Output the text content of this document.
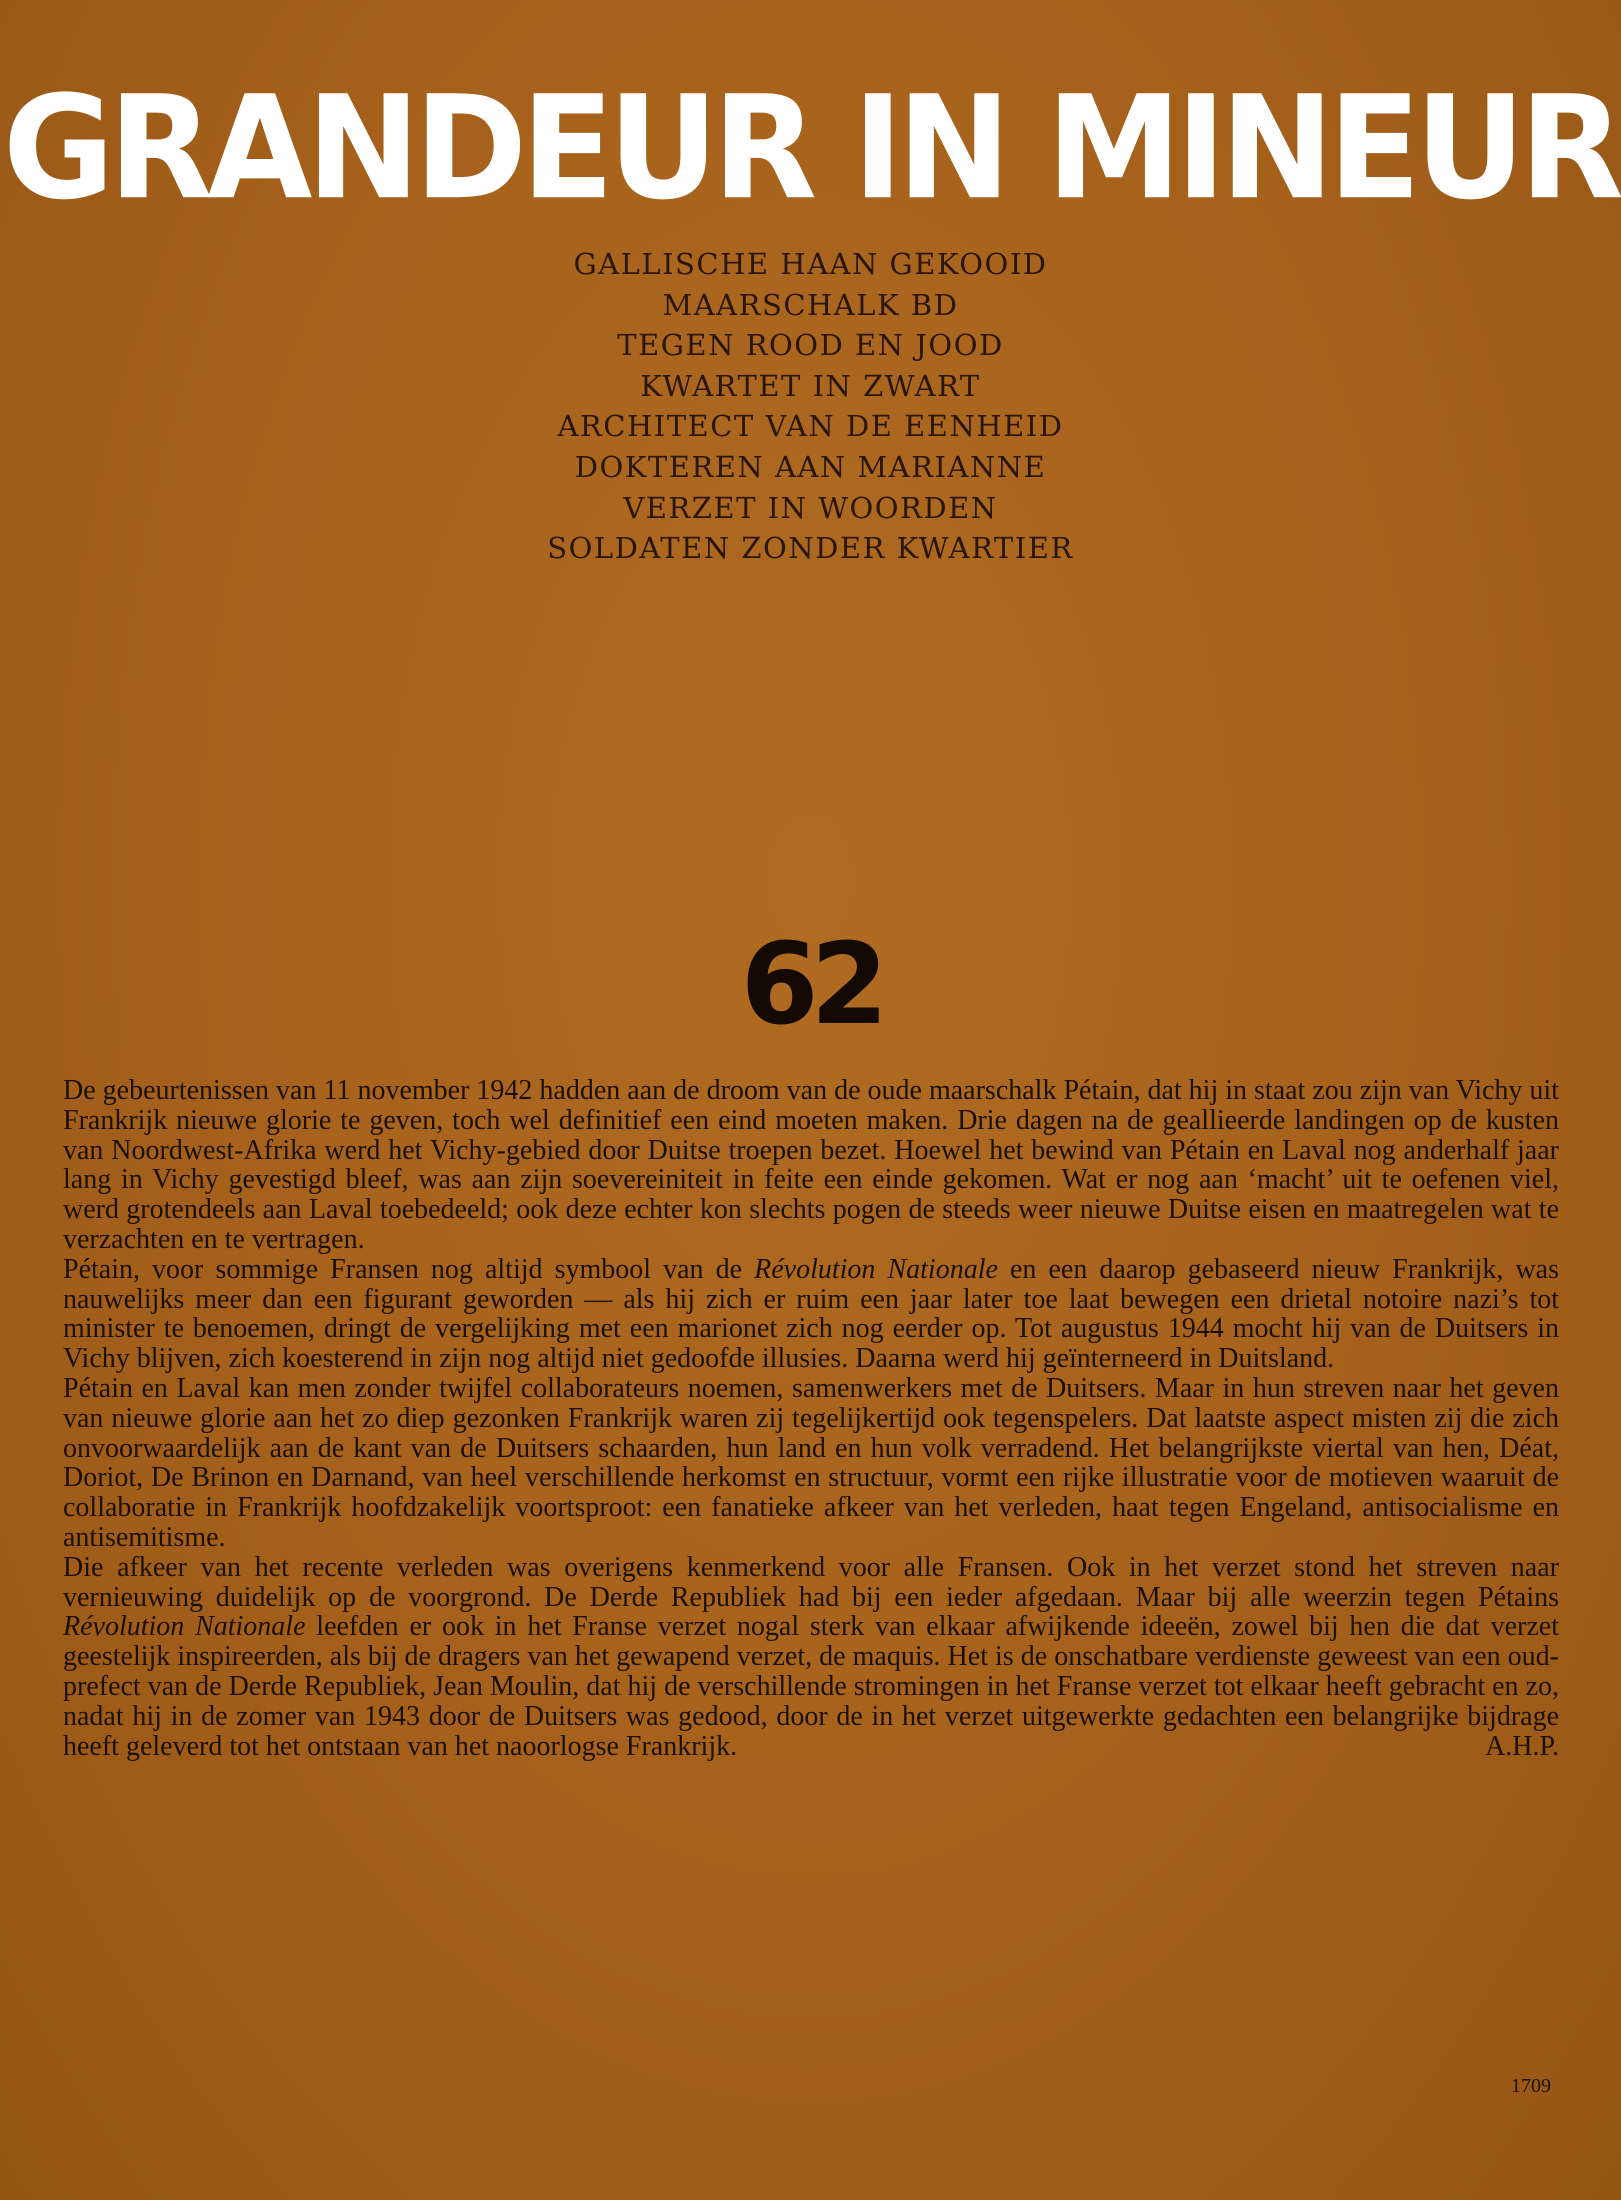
GRANDEUR IN MINEUR
GALLISCHE HAAN GEKOOID
MAARSCHALK BD
TEGEN ROOD EN JOOD
KWARTET IN ZWART
ARCHITECT VAN DE EENHEID
DOKTEREN AAN MARIANNE
VERZET IN WOORDEN
SOLDATEN ZONDER KWARTIER
62

De gebeurtenissen van 11 november 1942 hadden aan de droom van de oude maarschalk Pétain, dat hij in staat zou zijn van Vichy uit Frankrijk nieuwe glorie te geven, toch wel definitief een eind moeten maken. Drie dagen na de geallieerde landingen op de kusten van Noordwest-Afrika werd het Vichy-gebied door Duitse troepen bezet. Hoewel het bewind van Pétain en Laval nog anderhalf jaar lang in Vichy gevestigd bleef, was aan zijn soevereiniteit in feite een einde gekomen. Wat er nog aan ‘macht’ uit te oefenen viel, werd grotendeels aan Laval toebedeeld; ook deze echter kon slechts pogen de steeds weer nieuwe Duitse eisen en maatregelen wat te verzachten en te vertragen.

Pétain, voor sommige Fransen nog altijd symbool van de Révolution Nationale en een daarop gebaseerd nieuw Frankrijk, was nauwelijks meer dan een figurant geworden — als hij zich er ruim een jaar later toe laat bewegen een drietal notoire nazi’s tot minister te benoemen, dringt de vergelijking met een marionet zich nog eerder op. Tot augustus 1944 mocht hij van de Duitsers in Vichy blijven, zich koesterend in zijn nog altijd niet gedoofde illusies. Daarna werd hij geïnterneerd in Duitsland.

Pétain en Laval kan men zonder twijfel collaborateurs noemen, samenwerkers met de Duitsers. Maar in hun streven naar het geven van nieuwe glorie aan het zo diep gezonken Frankrijk waren zij tegelijkertijd ook tegenspelers. Dat laatste aspect misten zij die zich onvoorwaardelijk aan de kant van de Duitsers schaarden, hun land en hun volk verradend. Het belangrijkste viertal van hen, Déat, Doriot, De Brinon en Darnand, van heel verschillende herkomst en structuur, vormt een rijke illustratie voor de motieven waaruit de collaboratie in Frankrijk hoofdzakelijk voortsproot: een fanatieke afkeer van het verleden, haat tegen Engeland, antisocialisme en antisemitisme.

Die afkeer van het recente verleden was overigens kenmerkend voor alle Fransen. Ook in het verzet stond het streven naar vernieuwing duidelijk op de voorgrond. De Derde Republiek had bij een ieder afgedaan. Maar bij alle weerzin tegen Pétains Révolution Nationale leefden er ook in het Franse verzet nogal sterk van elkaar afwijkende ideeën, zowel bij hen die dat verzet geestelijk inspireerden, als bij de dragers van het gewapend verzet, de maquis. Het is de onschatbare verdienste geweest van een oud-prefect van de Derde Republiek, Jean Moulin, dat hij de verschillende stromingen in het Franse verzet tot elkaar heeft gebracht en zo, nadat hij in de zomer van 1943 door de Duitsers was gedood, door de in het verzet uitgewerkte gedachten een belangrijke bijdrage heeft geleverd tot het ontstaan van het naoorlogse Frankrijk.	A.H.P.

1709
